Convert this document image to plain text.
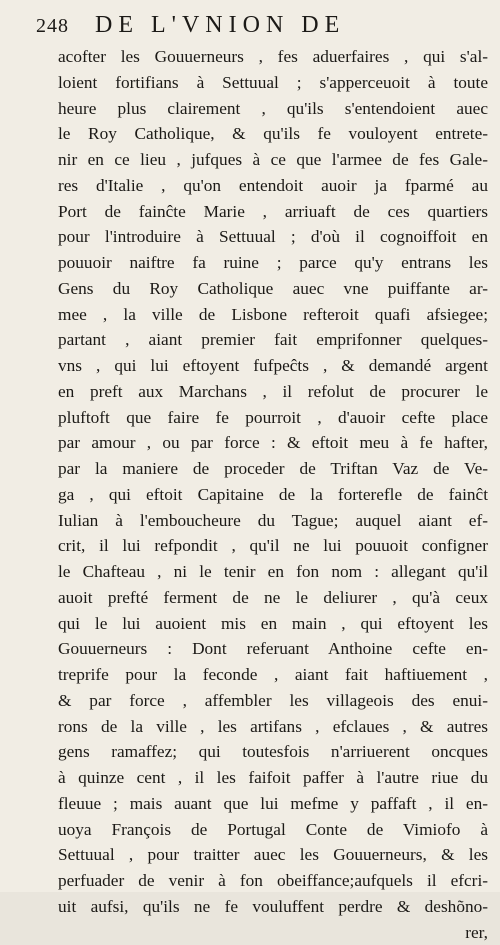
248 DE L'VNION DE
acofter les Gouuerneurs , fes aduerfaires , qui s'al-
loient fortifians à Settuual ; s'apperceuoit à toute
heure plus clairement , qu'ils s'entendoient auec
le Roy Catholique, & qu'ils fe vouloyent entrete-
nir en ce lieu , jufques à ce que l'armee de fes Gale-
res d'Italie , qu'on entendoit auoir ja fparmé au
Port de fainĉte Marie , arriuaft de ces quartiers
pour l'introduire à Settuual ; d'où il cognoiffoit en
pouuoir naiftre fa ruine ; parce qu'y entrans les
Gens du Roy Catholique auec vne puiffante ar-
mee , la ville de Lisbone refteroit quafi afsiegee;
partant , aiant premier fait emprifonner quelques-
vns , qui lui eftoyent fufpeĉts , & demandé argent
en preft aux Marchans , il refolut de procurer le
pluftoft que faire fe pourroit , d'auoir cefte place
par amour , ou par force : & eftoit meu à fe hafter,
par la maniere de proceder de Triftan Vaz de Ve-
ga , qui eftoit Capitaine de la forterefle de fainĉt
Iulian à l'embouchеure du Tague; auquel aiant ef-
crit, il lui refpondit , qu'il ne lui pouuoit configner
le Chafteau , ni le tenir en fon nom : allegant qu'il
auoit prefté ferment de ne le deliurer , qu'à ceux
qui le lui auoient mis en main , qui eftoyent les
Gouuerneurs : Dont referuant Anthoine cefte en-
treprife pour la feconde , aiant fait haftiuement ,
& par force , affembler les villageois des enui-
rons de la ville , les artifans , efclaues , & autres
gens ramaffez; qui toutesfois n'arriuerent oncques
à quinze cent , il les faifoit paffer à l'autre riue du
fleuue ; mais auant que lui mefme y paffaft , il en-
uoya François de Portugal Conte de Vimiofo à
Settuual , pour traitter auec les Gouuerneurs, & les
perfuader de venir à fon obeiffance;aufquels il efcri-
uit aufsi, qu'ils ne fe vouluffent perdre & deshõno-
rer,
